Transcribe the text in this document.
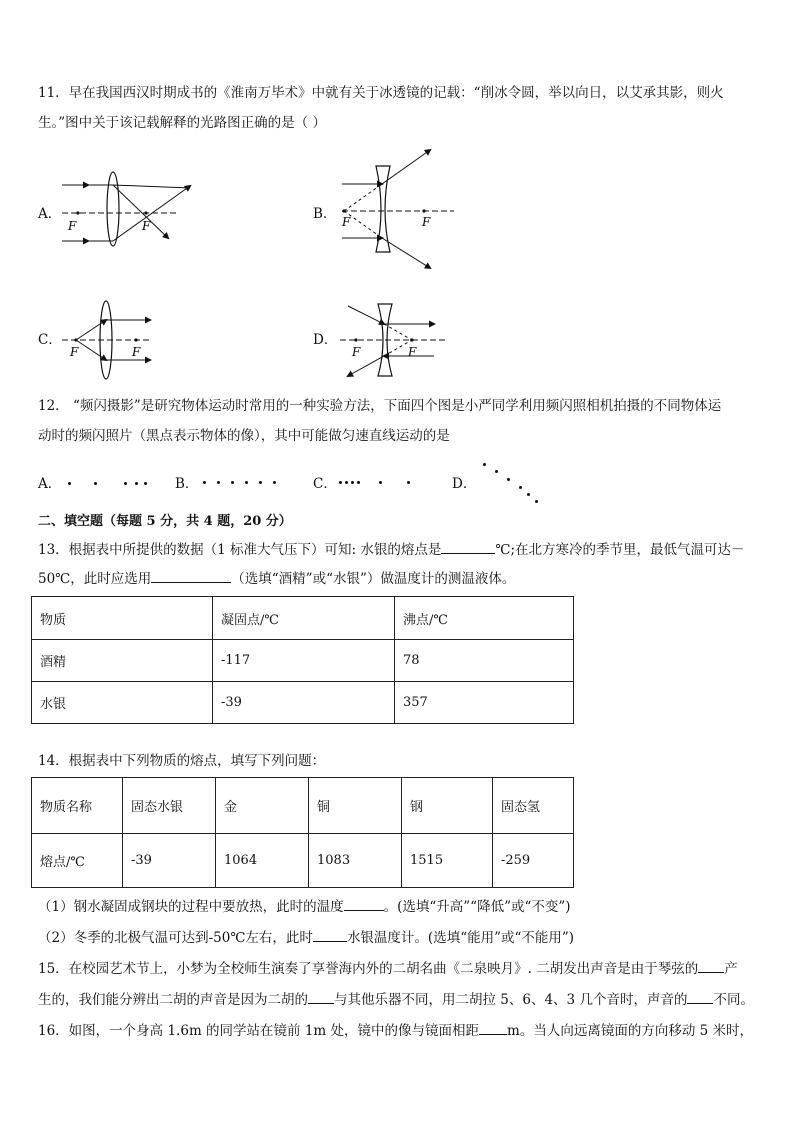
11．早在我国西汉时期成书的《淮南万毕术》中就有关于冰透镜的记载：“削冰令圆，举以向日，以艾承其影，则火
生。”图中关于该记载解释的光路图正确的是（ ）
A．
F	F
B． F	F
C．
F	F
D．
F	F
12． “频闪摄影”是研究物体运动时常用的一种实验方法，下面四个图是小严同学利用频闪照相机拍摄的不同物体运
动时的频闪照片（黑点表示物体的像），其中可能做匀速直线运动的是
A．	B．	C．	D．
二、填空题（每题 5 分，共 4 题，20 分）
13．根据表中所提供的数据（1 标准大气压下）可知: 水银的熔点是	℃;在北方寒冷的季节里，最低气温可达－
50℃，此时应选用	（选填“酒精”或“水银”）做温度计的测温液体。
物质	凝固点/℃	沸点/℃
酒精	-117	78
水银	-39	357
14．根据表中下列物质的熔点，填写下列问题：
物质名称	固态水银	金	铜	钢	固态氢
熔点/℃	-39	1064	1083	1515	-259
（1）钢水凝固成钢块的过程中要放热，此时的温度	。(选填“升高”“降低”或“不变”)
（2）冬季的北极气温可达到-50℃左右，此时	水银温度计。(选填“能用”或“不能用”)
15．在校园艺术节上，小梦为全校师生演奏了享誉海内外的二胡名曲《二泉映月》. 二胡发出声音是由于琴弦的 产
生的，我们能分辨出二胡的声音是因为二胡的 与其他乐器不同，用二胡拉 5、6、4、3 几个音时，声音的 不同。
16．如图，一个身高 1.6m 的同学站在镜前 1m 处，镜中的像与镜面相距 m。当人向远离镜面的方向移动 5 米时，
